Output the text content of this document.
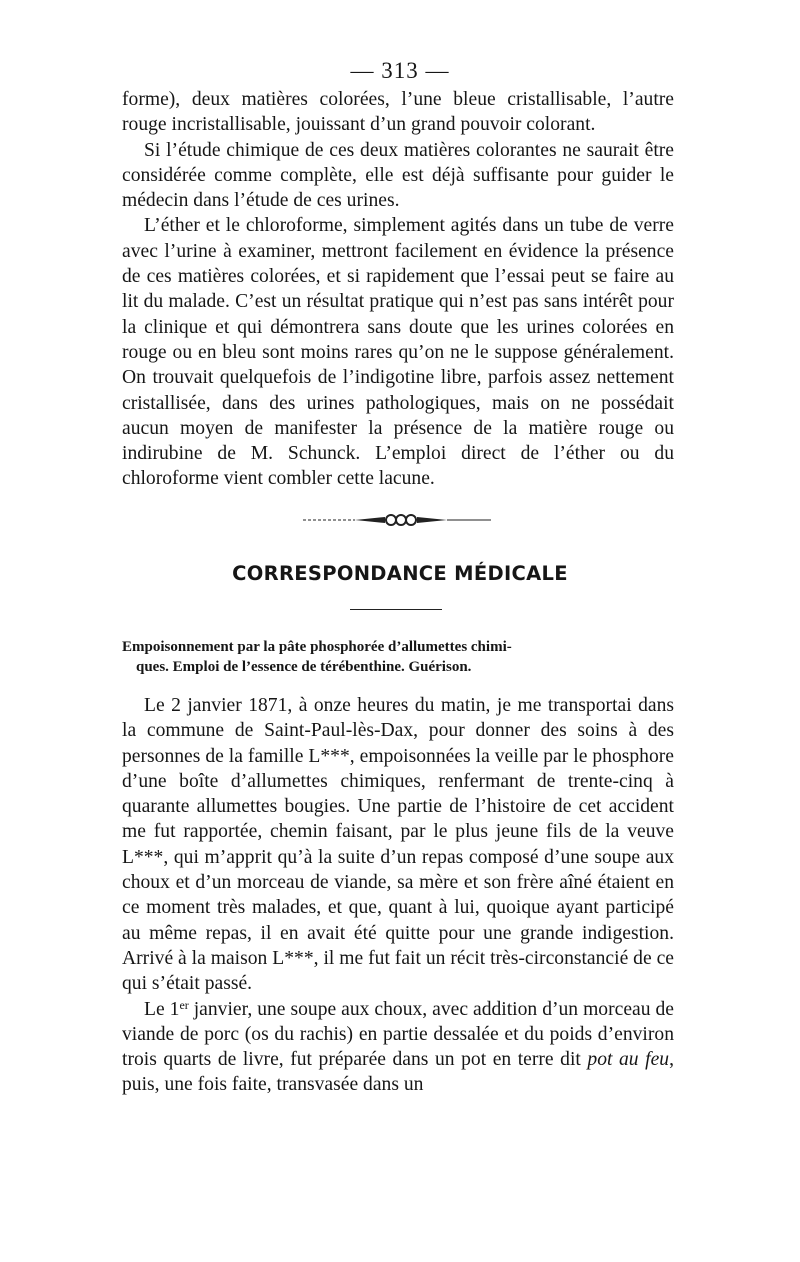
— 313 —

forme), deux matières colorées, l’une bleue cristallisable, l’autre rouge incristallisable, jouissant d’un grand pouvoir colorant.

Si l’étude chimique de ces deux matières colorantes ne saurait être considérée comme complète, elle est déjà suffisante pour guider le médecin dans l’étude de ces urines.

L’éther et le chloroforme, simplement agités dans un tube de verre avec l’urine à examiner, mettront facilement en évidence la présence de ces matières colorées, et si rapidement que l’essai peut se faire au lit du malade. C’est un résultat pratique qui n’est pas sans intérêt pour la clinique et qui démontrera sans doute que les urines colorées en rouge ou en bleu sont moins rares qu’on ne le suppose généralement. On trouvait quelquefois de l’indigotine libre, parfois assez nettement cristallisée, dans des urines pathologiques, mais on ne possédait aucun moyen de manifester la présence de la matière rouge ou indirubine de M. Schunck. L’emploi direct de l’éther ou du chloroforme vient combler cette lacune.

CORRESPONDANCE MÉDICALE
Empoisonnement par la pâte phosphorée d’allumettes chimi-
ques. Emploi de l’essence de térébenthine. Guérison.

Le 2 janvier 1871, à onze heures du matin, je me transportai dans la commune de Saint-Paul-lès-Dax, pour donner des soins à des personnes de la famille L***, empoisonnées la veille par le phosphore d’une boîte d’allumettes chimiques, renfermant de trente-cinq à quarante allumettes bougies. Une partie de l’histoire de cet accident me fut rapportée, chemin faisant, par le plus jeune fils de la veuve L***, qui m’apprit qu’à la suite d’un repas composé d’une soupe aux choux et d’un morceau de viande, sa mère et son frère aîné étaient en ce moment très malades, et que, quant à lui, quoique ayant participé au même repas, il en avait été quitte pour une grande indigestion. Arrivé à la maison L***, il me fut fait un récit très-circonstancié de ce qui s’était passé.

Le 1er janvier, une soupe aux choux, avec addition d’un morceau de viande de porc (os du rachis) en partie dessalée et du poids d’environ trois quarts de livre, fut préparée dans un pot en terre dit pot au feu, puis, une fois faite, transvasée dans un
